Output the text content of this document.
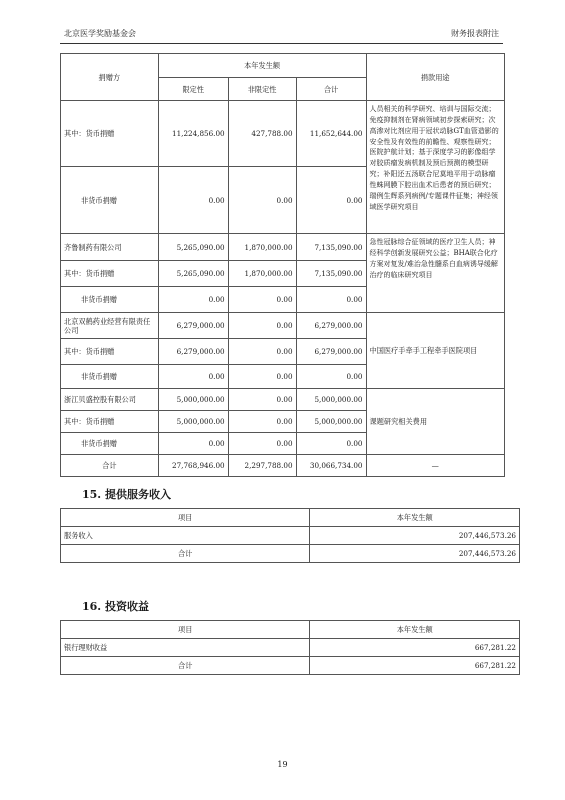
北京医学奖励基金会	财务报表附注
捐赠方	本年发生额			捐款用途
	限定性	非限定性	合计	
其中：货币捐赠	11,224,856.00	427,788.00	11,652,644.00	人员相关的科学研究、培训与国际交流；免疫抑制剂在肾病领域初步探索研究；次高渗对比剂应用于冠状动脉GT血管造影的安全性及有效性的前瞻性、观察性研究；医院护航计划；基于深度学习的影像组学对胶质瘤发病机制及预后预测的模型研究；补阳还五汤联合尼莫地平用于动脉瘤性蛛网膜下腔出血术后患者的预后研究；瑞例生辉系列病例/专题课件征集；神经领域医学研究项目
非货币捐赠	0.00	0.00	0.00	
齐鲁制药有限公司	5,265,090.00	1,870,000.00	7,135,090.00	急性冠脉综合征领域的医疗卫生人员；神经科学创新发展研究公益；BHA联合化疗方案对复发/难治急性髓系白血病诱导缓解治疗的临床研究项目
其中：货币捐赠	5,265,090.00	1,870,000.00	7,135,090.00	
非货币捐赠	0.00	0.00	0.00	
北京双鹤药业经营有限责任公司	6,279,000.00	0.00	6,279,000.00	中国医疗手牵手工程牵手医院项目
其中：货币捐赠	6,279,000.00	0.00	6,279,000.00	
非货币捐赠	0.00	0.00	0.00	
浙江贝盛控股有限公司	5,000,000.00	0.00	5,000,000.00	课题研究相关费用
其中：货币捐赠	5,000,000.00	0.00	5,000,000.00	
非货币捐赠	0.00	0.00	0.00	
合计	27,768,946.00	2,297,788.00	30,066,734.00	—
15. 提供服务收入
项目	本年发生额
服务收入	207,446,573.26
合计	207,446,573.26
16. 投资收益
项目	本年发生额
银行理财收益	667,281.22
合计	667,281.22
19
